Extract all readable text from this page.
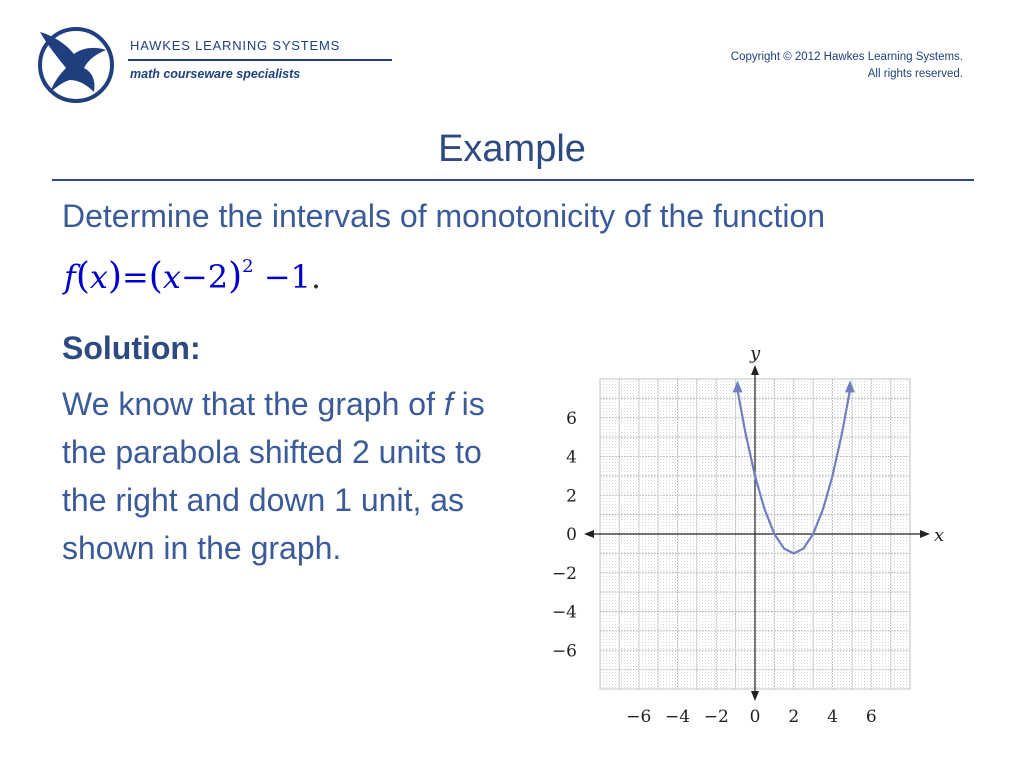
HAWKES LEARNING SYSTEMS
math courseware specialists
Copyright © 2012 Hawkes Learning Systems.
All rights reserved.
Example
Determine the intervals of monotonicity of the function
$f(x)=(x-2)^2 -1$.
Solution:
We know that the graph of f is the parabola shifted 2 units to the right and down 1 unit, as shown in the graph.	x
y
−6 −4 −2 0 2 4 6
−6
−4
−2
0
2
4
6
